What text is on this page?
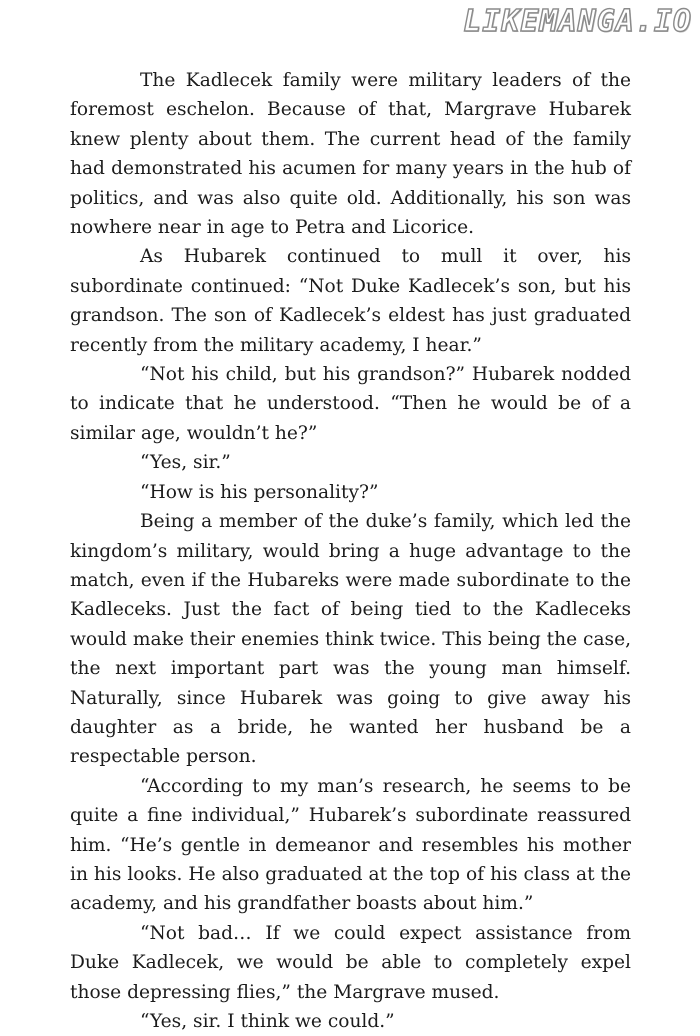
LIKEMANGA.IO

The Kadlecek family were military leaders of the foremost eschelon. Because of that, Margrave Hubarek knew plenty about them. The current head of the family had demonstrated his acumen for many years in the hub of politics, and was also quite old. Additionally, his son was nowhere near in age to Petra and Licorice.

As Hubarek continued to mull it over, his subordinate continued: “Not Duke Kadlecek’s son, but his grandson. The son of Kadlecek’s eldest has just graduated recently from the military academy, I hear.”

“Not his child, but his grandson?” Hubarek nodded to indicate that he understood. “Then he would be of a similar age, wouldn’t he?”

“Yes, sir.”

“How is his personality?”

Being a member of the duke’s family, which led the kingdom’s military, would bring a huge advantage to the match, even if the Hubareks were made subordinate to the Kadleceks. Just the fact of being tied to the Kadleceks would make their enemies think twice. This being the case, the next important part was the young man himself. Naturally, since Hubarek was going to give away his daughter as a bride, he wanted her husband be a respectable person.

“According to my man’s research, he seems to be quite a fine individual,” Hubarek’s subordinate reassured him. “He’s gentle in demeanor and resembles his mother in his looks. He also graduated at the top of his class at the academy, and his grandfather boasts about him.”

“Not bad… If we could expect assistance from Duke Kadlecek, we would be able to completely expel those depressing flies,” the Margrave mused.

“Yes, sir. I think we could.”
